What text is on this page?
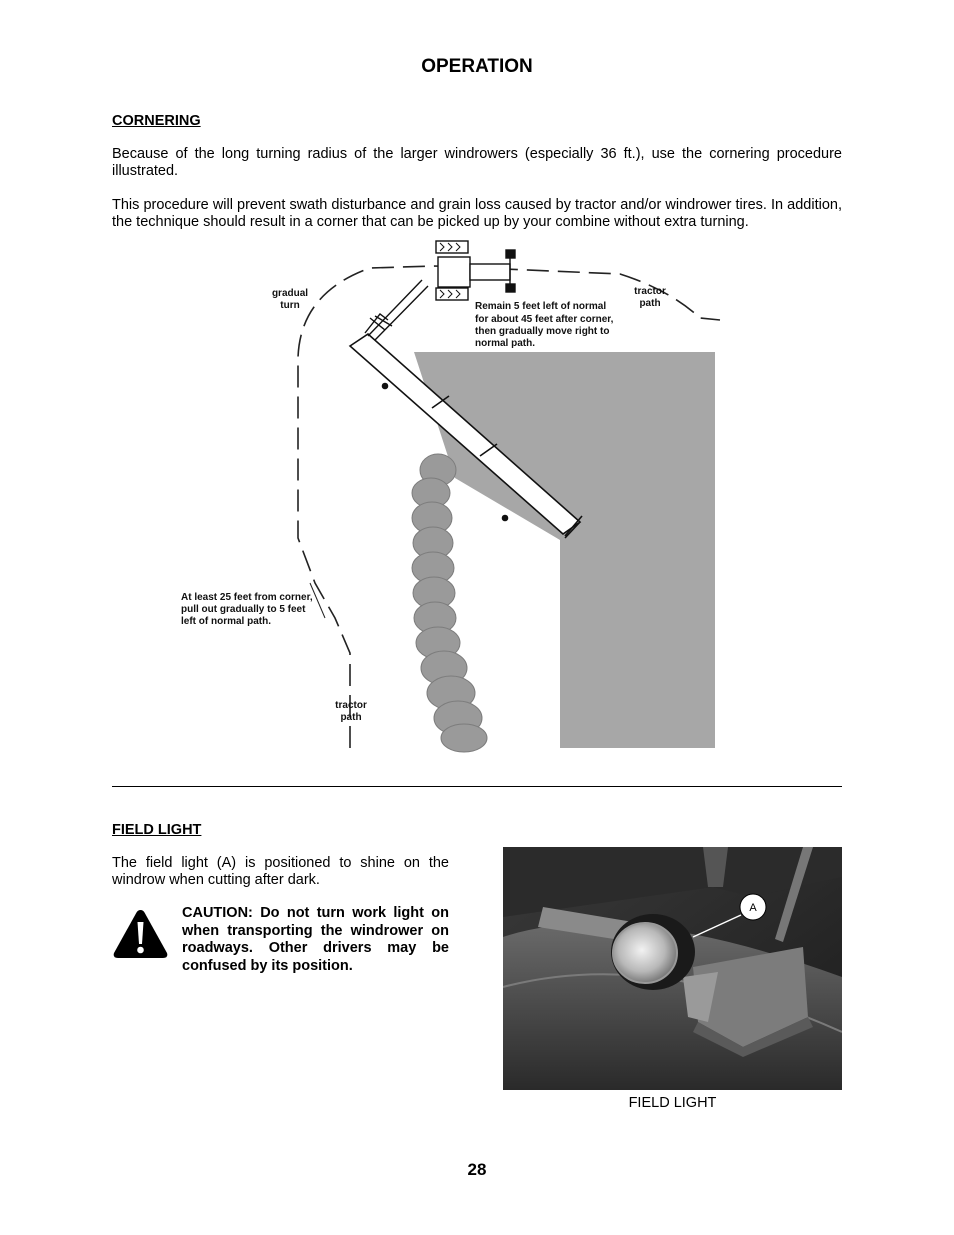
OPERATION
CORNERING
Because of the long turning radius of the larger windrowers (especially 36 ft.), use the cornering procedure illustrated.
This procedure will prevent swath disturbance and grain loss caused by tractor and/or windrower tires. In addition, the technique should result in a corner that can be picked up by your combine without extra turning.
gradual
turn
tractor
path
Remain 5 feet left of normal
for about 45 feet after corner,
then gradually move right to
normal path.
At least 25 feet from corner,
pull out gradually to 5 feet
left of normal path.
tractor
path
FIELD LIGHT
The field light (A) is positioned to shine on the windrow when cutting after dark.
CAUTION: Do not turn work light on when transporting the windrower on roadways. Other drivers may be confused by its position.
A
FIELD LIGHT
28
